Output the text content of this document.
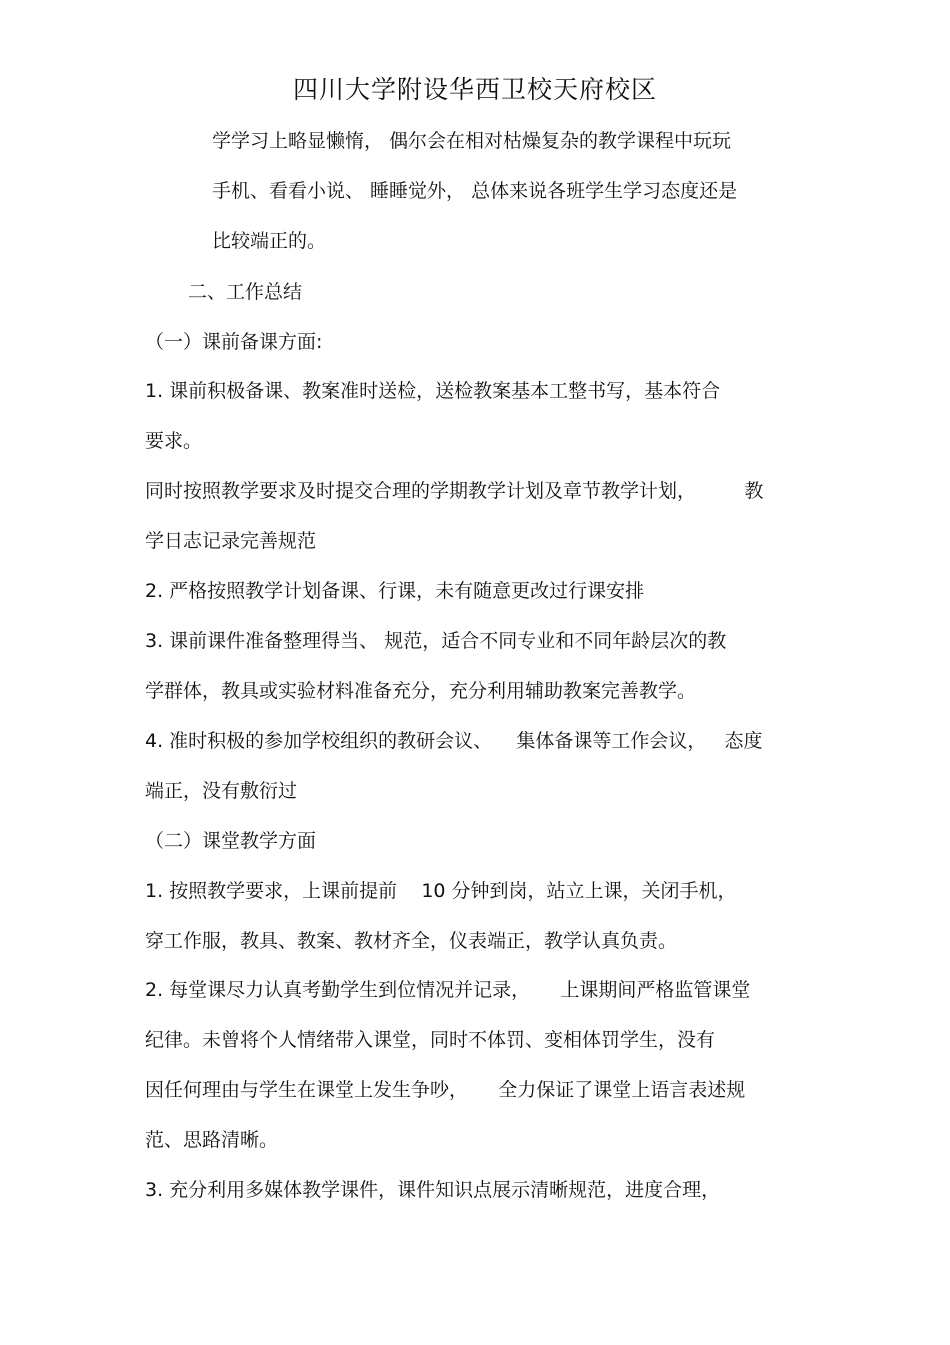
四川大学附设华西卫校天府校区

学学习上略显懒惰， 偶尔会在相对枯燥复杂的教学课程中玩玩

手机、看看小说、 睡睡觉外， 总体来说各班学生学习态度还是

比较端正的。

二、工作总结

（一）课前备课方面:

1. 课前积极备课、教案准时送检，送检教案基本工整书写，基本符合

要求。

同时按照教学要求及时提交合理的学期教学计划及章节教学计划，        教

学日志记录完善规范

2. 严格按照教学计划备课、行课，未有随意更改过行课安排

3. 课前课件准备整理得当、 规范，适合不同专业和不同年龄层次的教

学群体，教具或实验材料准备充分，充分利用辅助教案完善教学。

4. 准时积极的参加学校组织的教研会议、    集体备课等工作会议，   态度

端正，没有敷衍过

（二）课堂教学方面

1. 按照教学要求，上课前提前    10 分钟到岗，站立上课，关闭手机，

穿工作服，教具、教案、教材齐全，仪表端正，教学认真负责。

2. 每堂课尽力认真考勤学生到位情况并记录，     上课期间严格监管课堂

纪律。未曾将个人情绪带入课堂，同时不体罚、变相体罚学生，没有

因任何理由与学生在课堂上发生争吵，     全力保证了课堂上语言表述规

范、思路清晰。

3. 充分利用多媒体教学课件，课件知识点展示清晰规范，进度合理，
